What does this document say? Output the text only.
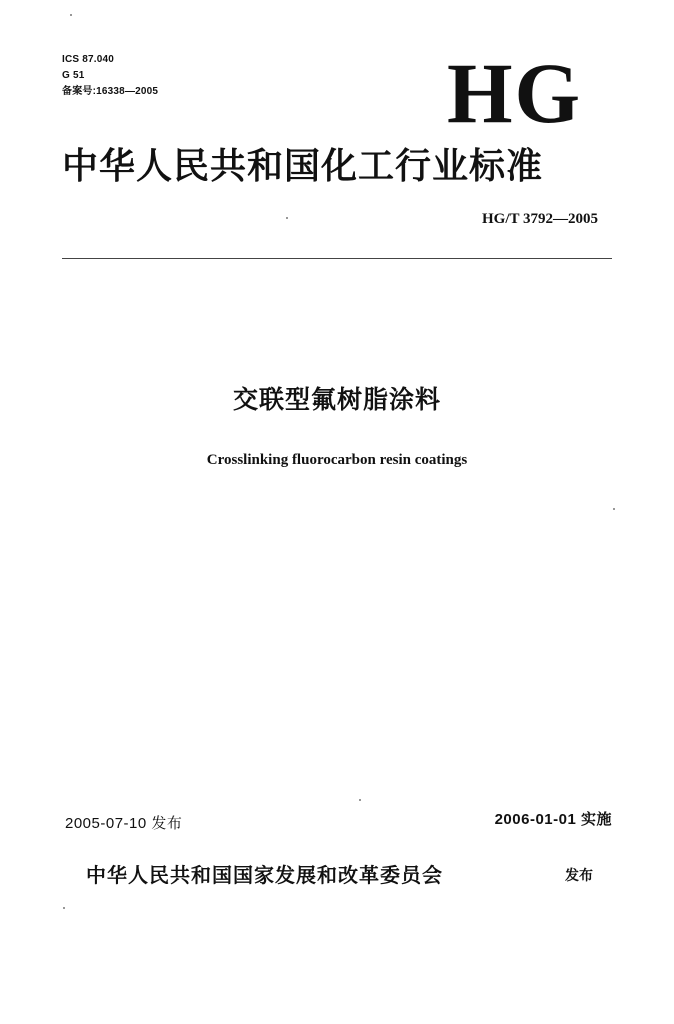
ICS 87.040
G 51
备案号:16338—2005	HG
中华人民共和国化工行业标准
HG/T 3792—2005
交联型氟树脂涂料
Crosslinking fluorocarbon resin coatings
2005-07-10 发布	2006-01-01 实施
中华人民共和国国家发展和改革委员会	发布
